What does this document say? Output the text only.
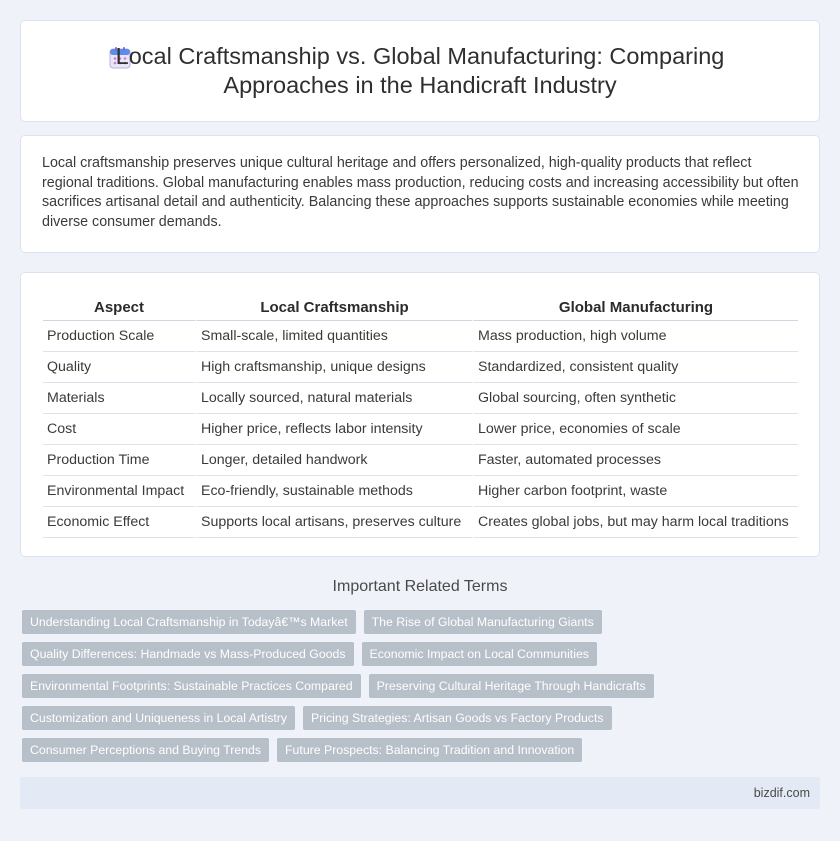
Local Craftsmanship vs. Global Manufacturing: Comparing Approaches in the Handicraft Industry

Local craftsmanship preserves unique cultural heritage and offers personalized, high-quality products that reflect regional traditions. Global manufacturing enables mass production, reducing costs and increasing accessibility but often sacrifices artisanal detail and authenticity. Balancing these approaches supports sustainable economies while meeting diverse consumer demands.

Aspect	Local Craftsmanship	Global Manufacturing
Production Scale	Small-scale, limited quantities	Mass production, high volume
Quality	High craftsmanship, unique designs	Standardized, consistent quality
Materials	Locally sourced, natural materials	Global sourcing, often synthetic
Cost	Higher price, reflects labor intensity	Lower price, economies of scale
Production Time	Longer, detailed handwork	Faster, automated processes
Environmental Impact	Eco-friendly, sustainable methods	Higher carbon footprint, waste
Economic Effect	Supports local artisans, preserves culture	Creates global jobs, but may harm local traditions
Important Related Terms
Understanding Local Craftsmanship in Todayâ€™s Market	The Rise of Global Manufacturing Giants
Quality Differences: Handmade vs Mass-Produced Goods	Economic Impact on Local Communities
Environmental Footprints: Sustainable Practices Compared	Preserving Cultural Heritage Through Handicrafts
Customization and Uniqueness in Local Artistry	Pricing Strategies: Artisan Goods vs Factory Products
Consumer Perceptions and Buying Trends	Future Prospects: Balancing Tradition and Innovation
bizdif.com
